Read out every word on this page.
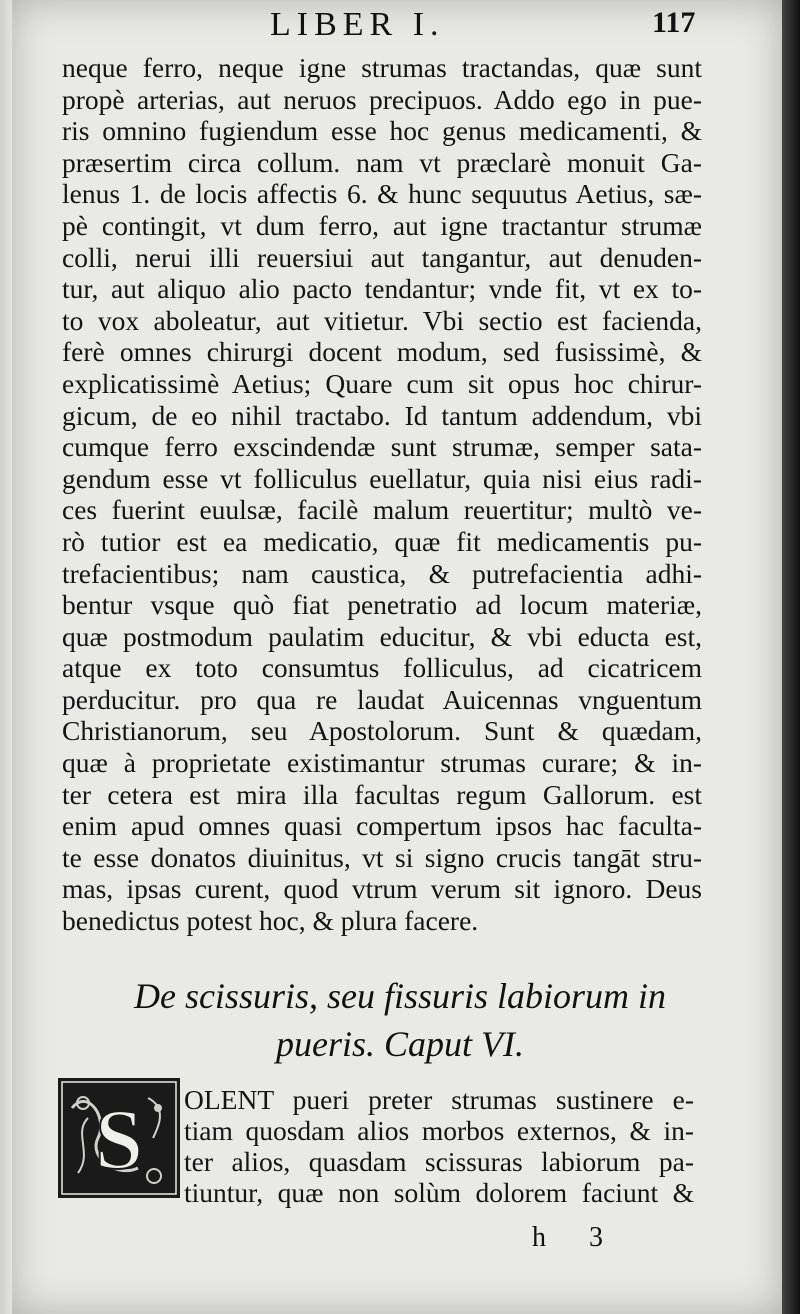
LIBER I.	117
neque ferro, neque igne strumas tractandas, quæ sunt
propè arterias, aut neruos precipuos. Addo ego in pue-
ris omnino fugiendum esse hoc genus medicamenti, &
præsertim circa collum. nam vt præclarè monuit Ga-
lenus 1. de locis affectis 6. & hunc sequutus Aetius, sæ-
pè contingit, vt dum ferro, aut igne tractantur strumæ
colli, nerui illi reuersiui aut tangantur, aut denuden-
tur, aut aliquo alio pacto tendantur; vnde fit, vt ex to-
to vox aboleatur, aut vitietur. Vbi sectio est facienda,
ferè omnes chirurgi docent modum, sed fusissimè, &
explicatissimè Aetius; Quare cum sit opus hoc chirur-
gicum, de eo nihil tractabo. Id tantum addendum, vbi
cumque ferro exscindendæ sunt strumæ, semper sata-
gendum esse vt folliculus euellatur, quia nisi eius radi-
ces fuerint euulsæ, facilè malum reuertitur; multò ve-
rò tutior est ea medicatio, quæ fit medicamentis pu-
trefacientibus; nam caustica, & putrefacientia adhi-
bentur vsque quò fiat penetratio ad locum materiæ,
quæ postmodum paulatim educitur, & vbi educta est,
atque ex toto consumtus folliculus, ad cicatricem
perducitur. pro qua re laudat Auicennas vnguentum
Christianorum, seu Apostolorum. Sunt & quædam,
quæ à proprietate existimantur strumas curare; & in-
ter cetera est mira illa facultas regum Gallorum. est
enim apud omnes quasi compertum ipsos hac faculta-
te esse donatos diuinitus, vt si signo crucis tangāt stru-
mas, ipsas curent, quod vtrum verum sit ignoro. Deus
benedictus potest hoc, & plura facere.
De scissuris, seu fissuris labiorum in
pueris. Caput VI.
S OLENT pueri preter strumas sustinere e-
tiam quosdam alios morbos externos, & in-
ter alios, quasdam scissuras labiorum pa-
tiuntur, quæ non solùm dolorem faciunt &
h 3
